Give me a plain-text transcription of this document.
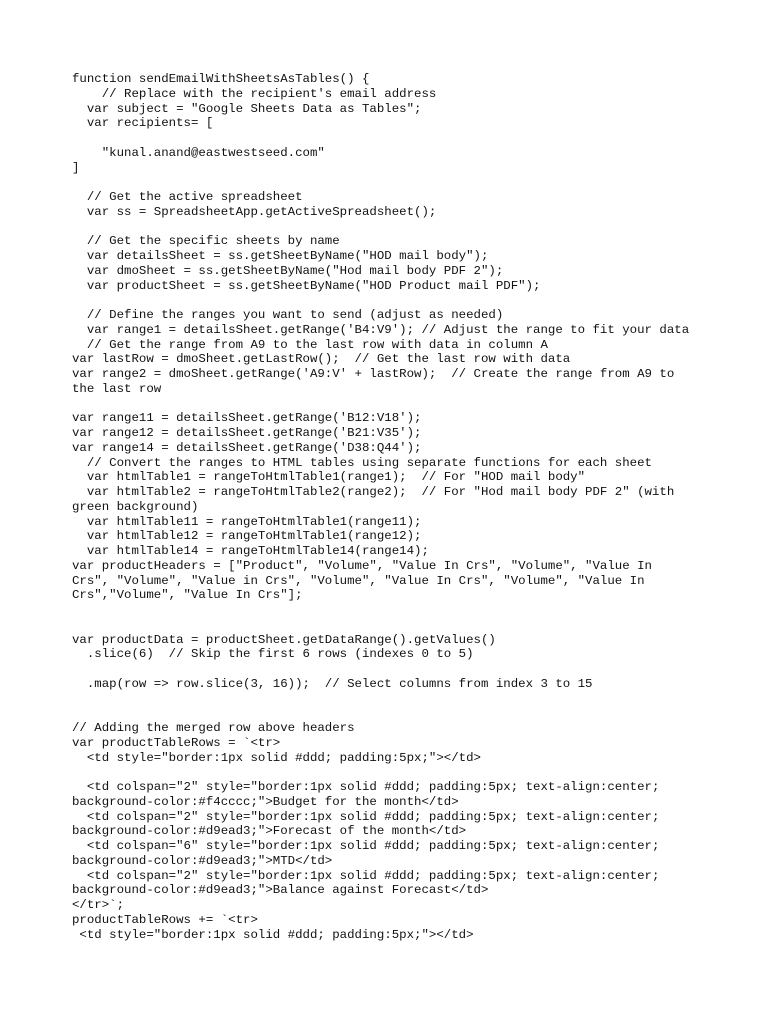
function sendEmailWithSheetsAsTables() {
// Replace with the recipient's email address
var subject = "Google Sheets Data as Tables";
var recipients= [
"kunal.anand@eastwestseed.com"
]
// Get the active spreadsheet
var ss = SpreadsheetApp.getActiveSpreadsheet();
// Get the specific sheets by name
var detailsSheet = ss.getSheetByName("HOD mail body");
var dmoSheet = ss.getSheetByName("Hod mail body PDF 2");
var productSheet = ss.getSheetByName("HOD Product mail PDF");
// Define the ranges you want to send (adjust as needed)
var range1 = detailsSheet.getRange('B4:V9'); // Adjust the range to fit your data
// Get the range from A9 to the last row with data in column A
var lastRow = dmoSheet.getLastRow();  // Get the last row with data
var range2 = dmoSheet.getRange('A9:V' + lastRow);  // Create the range from A9 to
the last row
var range11 = detailsSheet.getRange('B12:V18');
var range12 = detailsSheet.getRange('B21:V35');
var range14 = detailsSheet.getRange('D38:Q44');
// Convert the ranges to HTML tables using separate functions for each sheet
var htmlTable1 = rangeToHtmlTable1(range1);  // For "HOD mail body"
var htmlTable2 = rangeToHtmlTable2(range2);  // For "Hod mail body PDF 2" (with
green background)
var htmlTable11 = rangeToHtmlTable1(range11);
var htmlTable12 = rangeToHtmlTable1(range12);
var htmlTable14 = rangeToHtmlTable14(range14);
var productHeaders = ["Product", "Volume", "Value In Crs", "Volume", "Value In
Crs", "Volume", "Value in Crs", "Volume", "Value In Crs", "Volume", "Value In
Crs","Volume", "Value In Crs"];
var productData = productSheet.getDataRange().getValues()
.slice(6)  // Skip the first 6 rows (indexes 0 to 5)
.map(row => row.slice(3, 16));  // Select columns from index 3 to 15
// Adding the merged row above headers
var productTableRows = `<tr>
<td style="border:1px solid #ddd; padding:5px;"></td>
<td colspan="2" style="border:1px solid #ddd; padding:5px; text-align:center;
background-color:#f4cccc;">Budget for the month</td>
<td colspan="2" style="border:1px solid #ddd; padding:5px; text-align:center;
background-color:#d9ead3;">Forecast of the month</td>
<td colspan="6" style="border:1px solid #ddd; padding:5px; text-align:center;
background-color:#d9ead3;">MTD</td>
<td colspan="2" style="border:1px solid #ddd; padding:5px; text-align:center;
background-color:#d9ead3;">Balance against Forecast</td>
</tr>`;
productTableRows += `<tr>
<td style="border:1px solid #ddd; padding:5px;"></td>
